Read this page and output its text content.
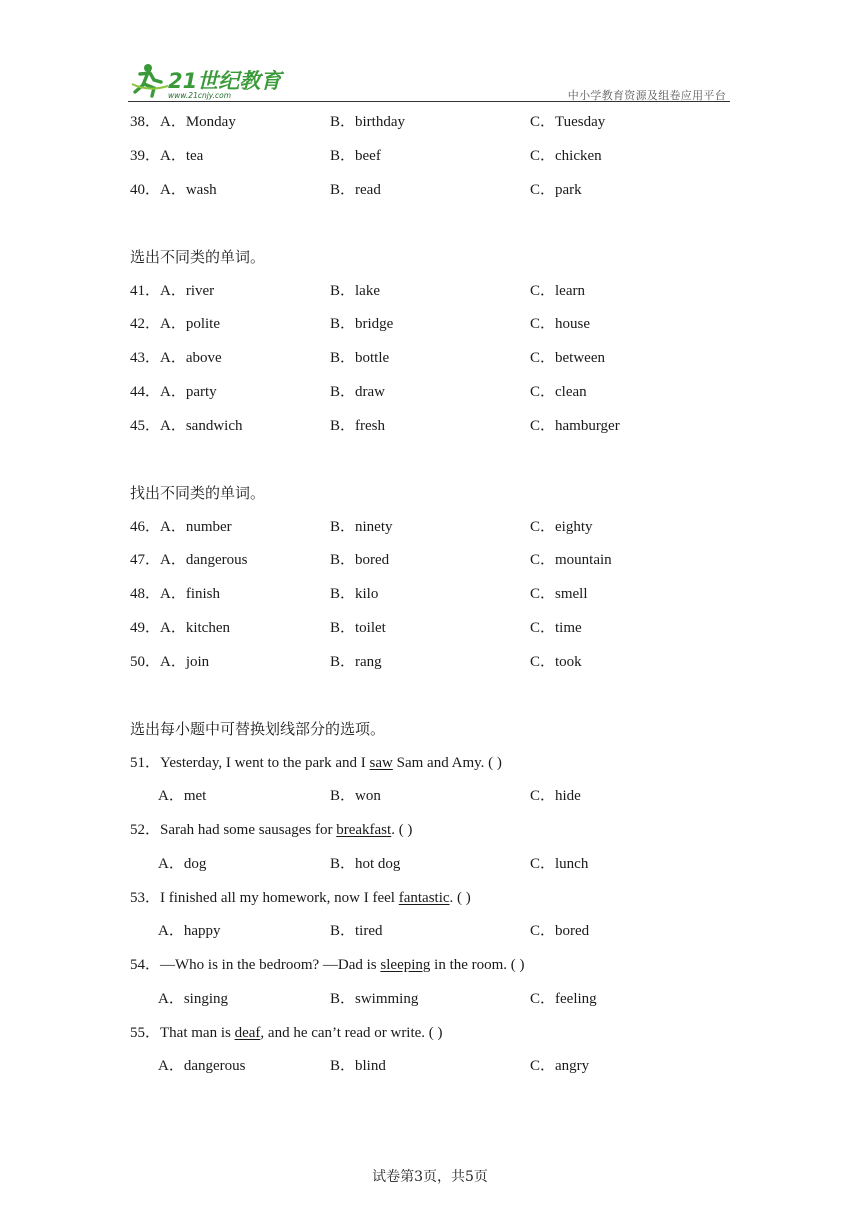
21世纪教育
www.21cnjy.com	中小学教育资源及组卷应用平台
38．A．Monday	B．birthday	C．Tuesday
39．A．tea	B．beef	C．chicken
40．A．wash	B．read	C．park
选出不同类的单词。
41．A．river	B．lake	C．learn
42．A．polite	B．bridge	C．house
43．A．above	B．bottle	C．between
44．A．party	B．draw	C．clean
45．A．sandwich	B．fresh	C．hamburger
找出不同类的单词。
46．A．number	B．ninety	C．eighty
47．A．dangerous	B．bored	C．mountain
48．A．finish	B．kilo	C．smell
49．A．kitchen	B．toilet	C．time
50．A．join	B．rang	C．took
选出每小题中可替换划线部分的选项。
51．Yesterday, I went to the park and I saw Sam and Amy. ( )
A．met	B．won	C．hide
52．Sarah had some sausages for breakfast. ( )
A．dog	B．hot dog	C．lunch
53．I finished all my homework, now I feel fantastic. ( )
A．happy	B．tired	C．bored
54．—Who is in the bedroom? —Dad is sleeping in the room. ( )
A．singing	B．swimming	C．feeling
55．That man is deaf, and he can’t read or write. ( )
A．dangerous	B．blind	C．angry
试卷第3页，共5页
